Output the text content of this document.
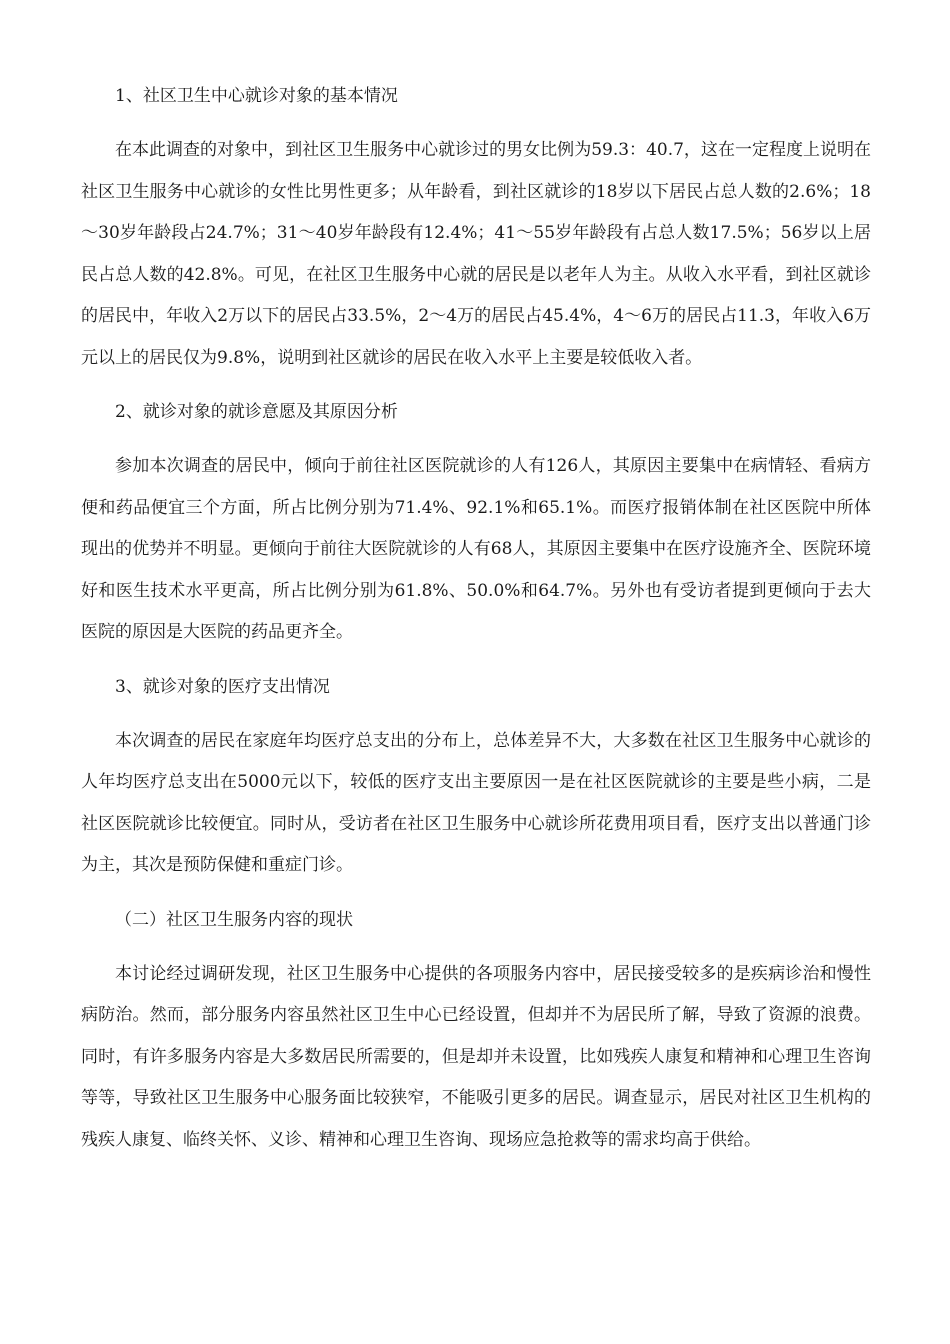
1、社区卫生中心就诊对象的基本情况

在本此调查的对象中，到社区卫生服务中心就诊过的男女比例为59.3：40.7，这在一定程度上说明在社区卫生服务中心就诊的女性比男性更多；从年龄看，到社区就诊的18岁以下居民占总人数的2.6%；18～30岁年龄段占24.7%；31～40岁年龄段有12.4%；41～55岁年龄段有占总人数17.5%；56岁以上居民占总人数的42.8%。可见，在社区卫生服务中心就的居民是以老年人为主。从收入水平看，到社区就诊的居民中，年收入2万以下的居民占33.5%，2～4万的居民占45.4%，4～6万的居民占11.3，年收入6万元以上的居民仅为9.8%，说明到社区就诊的居民在收入水平上主要是较低收入者。

2、就诊对象的就诊意愿及其原因分析

参加本次调查的居民中，倾向于前往社区医院就诊的人有126人，其原因主要集中在病情轻、看病方便和药品便宜三个方面，所占比例分别为71.4%、92.1%和65.1%。而医疗报销体制在社区医院中所体现出的优势并不明显。更倾向于前往大医院就诊的人有68人，其原因主要集中在医疗设施齐全、医院环境好和医生技术水平更高，所占比例分别为61.8%、50.0%和64.7%。另外也有受访者提到更倾向于去大医院的原因是大医院的药品更齐全。

3、就诊对象的医疗支出情况

本次调查的居民在家庭年均医疗总支出的分布上，总体差异不大，大多数在社区卫生服务中心就诊的人年均医疗总支出在5000元以下，较低的医疗支出主要原因一是在社区医院就诊的主要是些小病，二是社区医院就诊比较便宜。同时从，受访者在社区卫生服务中心就诊所花费用项目看，医疗支出以普通门诊为主，其次是预防保健和重症门诊。

（二）社区卫生服务内容的现状

本讨论经过调研发现，社区卫生服务中心提供的各项服务内容中，居民接受较多的是疾病诊治和慢性病防治。然而，部分服务内容虽然社区卫生中心已经设置，但却并不为居民所了解，导致了资源的浪费。同时，有许多服务内容是大多数居民所需要的，但是却并未设置，比如残疾人康复和精神和心理卫生咨询等等，导致社区卫生服务中心服务面比较狭窄，不能吸引更多的居民。调查显示，居民对社区卫生机构的残疾人康复、临终关怀、义诊、精神和心理卫生咨询、现场应急抢救等的需求均高于供给。
